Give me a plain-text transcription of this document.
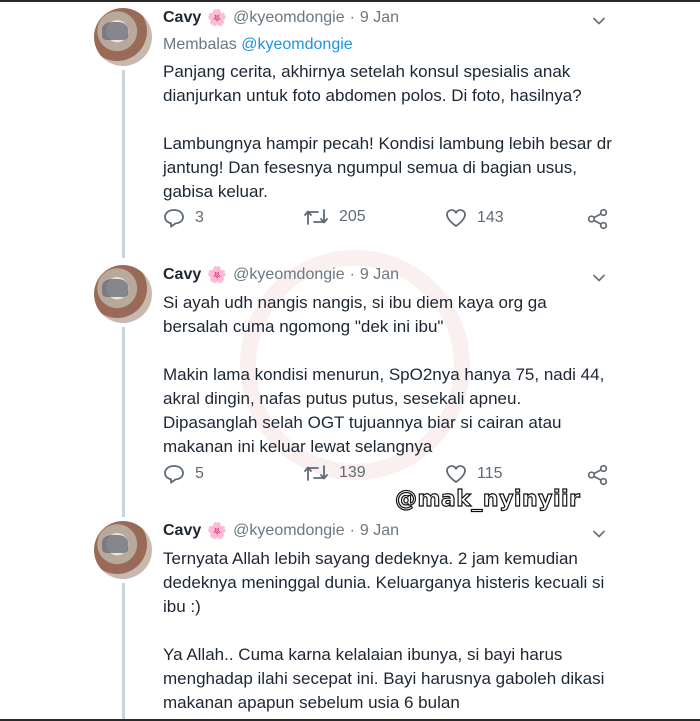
Cavy 🌸 @kyeomdongie · 9 Jan
Membalas @kyeomdongie

Panjang cerita, akhirnya setelah konsul spesialis anak dianjurkan untuk foto abdomen polos. Di foto, hasilnya?

Lambungnya hampir pecah! Kondisi lambung lebih besar dr jantung! Dan fesesnya ngumpul semua di bagian usus, gabisa keluar.

3	205	143
Cavy 🌸 @kyeomdongie · 9 Jan

Si ayah udh nangis nangis, si ibu diem kaya org ga bersalah cuma ngomong "dek ini ibu"

Makin lama kondisi menurun, SpO2nya hanya 75, nadi 44, akral dingin, nafas putus putus, sesekali apneu. Dipasanglah selah OGT tujuannya biar si cairan atau makanan ini keluar lewat selangnya

5	139	115
@mak_nyinyiir
Cavy 🌸 @kyeomdongie · 9 Jan

Ternyata Allah lebih sayang dedeknya. 2 jam kemudian dedeknya meninggal dunia. Keluarganya histeris kecuali si ibu :)

Ya Allah.. Cuma karna kelalaian ibunya, si bayi harus menghadap ilahi secepat ini. Bayi harusnya gaboleh dikasi makanan apapun sebelum usia 6 bulan
